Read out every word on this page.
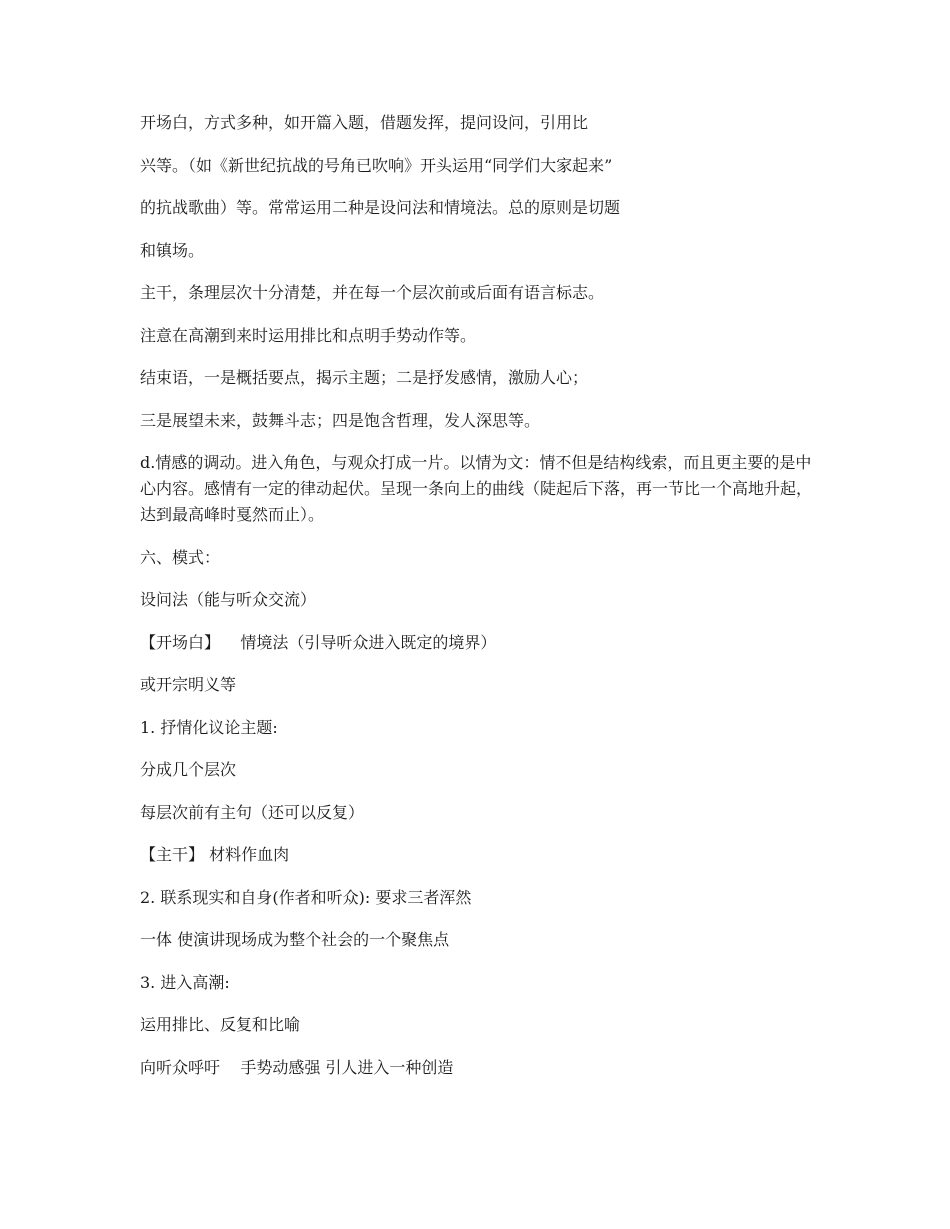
开场白，方式多种，如开篇入题，借题发挥，提问设问，引用比

兴等。（如《新世纪抗战的号角已吹响》开头运用“同学们大家起来”

的抗战歌曲）等。常常运用二种是设问法和情境法。总的原则是切题

和镇场。

主干，条理层次十分清楚，并在每一个层次前或后面有语言标志。

注意在高潮到来时运用排比和点明手势动作等。

结束语，一是概括要点，揭示主题；二是抒发感情，激励人心；

三是展望未来，鼓舞斗志；四是饱含哲理，发人深思等。

d.情感的调动。进入角色，与观众打成一片。以情为文：情不但是结构线索，而且更主要的是中心内容。感情有一定的律动起伏。呈现一条向上的曲线（陡起后下落，再一节比一个高地升起，达到最高峰时戛然而止）。

六、模式：

设问法（能与听众交流）

【开场白】    情境法（引导听众进入既定的境界）

或开宗明义等

1. 抒情化议论主题:

分成几个层次

每层次前有主句（还可以反复）

【主干】 材料作血肉

2. 联系现实和自身(作者和听众): 要求三者浑然

一体 使演讲现场成为整个社会的一个聚焦点

3. 进入高潮:

运用排比、反复和比喻

向听众呼吁    手势动感强 引人进入一种创造
